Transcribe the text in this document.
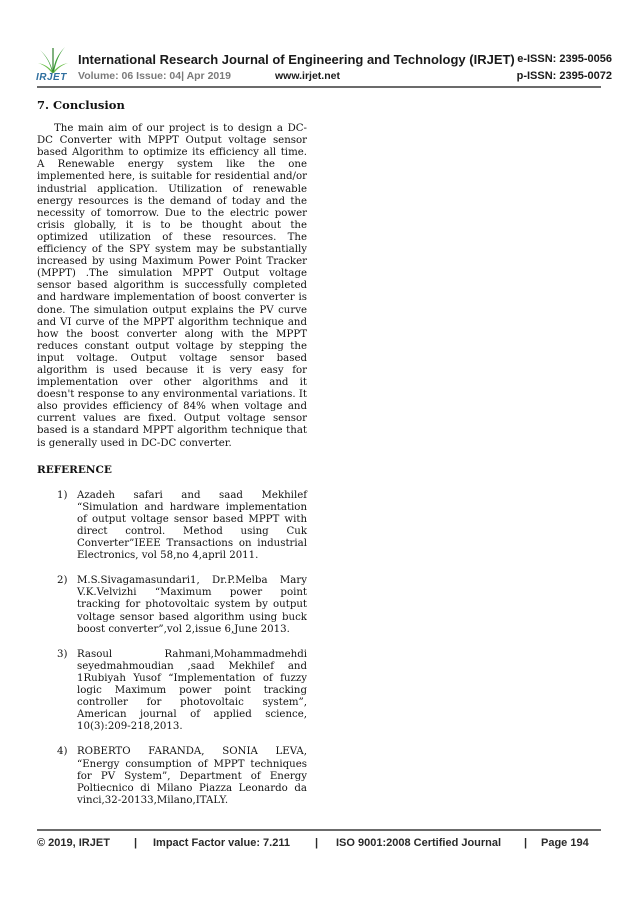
IRJET
International Research Journal of Engineering and Technology (IRJET) e-ISSN: 2395-0056
Volume: 06 Issue: 04| Apr 2019	www.irjet.net	p-ISSN: 2395-0072
7. Conclusion

The main aim of our project is to design a DC-DC Converter with MPPT Output voltage sensor based Algorithm to optimize its efficiency all time. A Renewable energy system like the one implemented here, is suitable for residential and/or industrial application. Utilization of renewable energy resources is the demand of today and the necessity of tomorrow. Due to the electric power crisis globally, it is to be thought about the optimized utilization of these resources. The efficiency of the SPY system may be substantially increased by using Maximum Power Point Tracker (MPPT) .The simulation MPPT Output voltage sensor based algorithm is successfully completed and hardware implementation of boost converter is done. The simulation output explains the PV curve and VI curve of the MPPT algorithm technique and how the boost converter along with the MPPT reduces constant output voltage by stepping the input voltage. Output voltage sensor based algorithm is used because it is very easy for implementation over other algorithms and it doesn't response to any environmental variations. It also provides efficiency of 84% when voltage and current values are fixed. Output voltage sensor based is a standard MPPT algorithm technique that is generally used in DC-DC converter.

REFERENCE
1) Azadeh safari and saad Mekhilef “Simulation and hardware implementation of output voltage sensor based MPPT with direct control. Method using Cuk Converter”IEEE Transactions on industrial Electronics, vol 58,no 4,april 2011.
2) M.S.Sivagamasundari1, Dr.P.Melba Mary V.K.Velvizhi “Maximum power point tracking for photovoltaic system by output voltage sensor based algorithm using buck boost converter”,vol 2,issue 6,June 2013.
3) Rasoul Rahmani,Mohammadmehdi seyedmahmoudian ,saad Mekhilef and 1Rubiyah Yusof “Implementation of fuzzy logic Maximum power point tracking controller for photovoltaic system”, American journal of applied science, 10(3):209-218,2013.
4) ROBERTO FARANDA, SONIA LEVA, “Energy consumption of MPPT techniques for PV System”, Department of Energy Poltiecnico di Milano Piazza Leonardo da vinci,32-20133,Milano,ITALY.
© 2019, IRJET | Impact Factor value: 7.211 | ISO 9001:2008 Certified Journal | Page 194
